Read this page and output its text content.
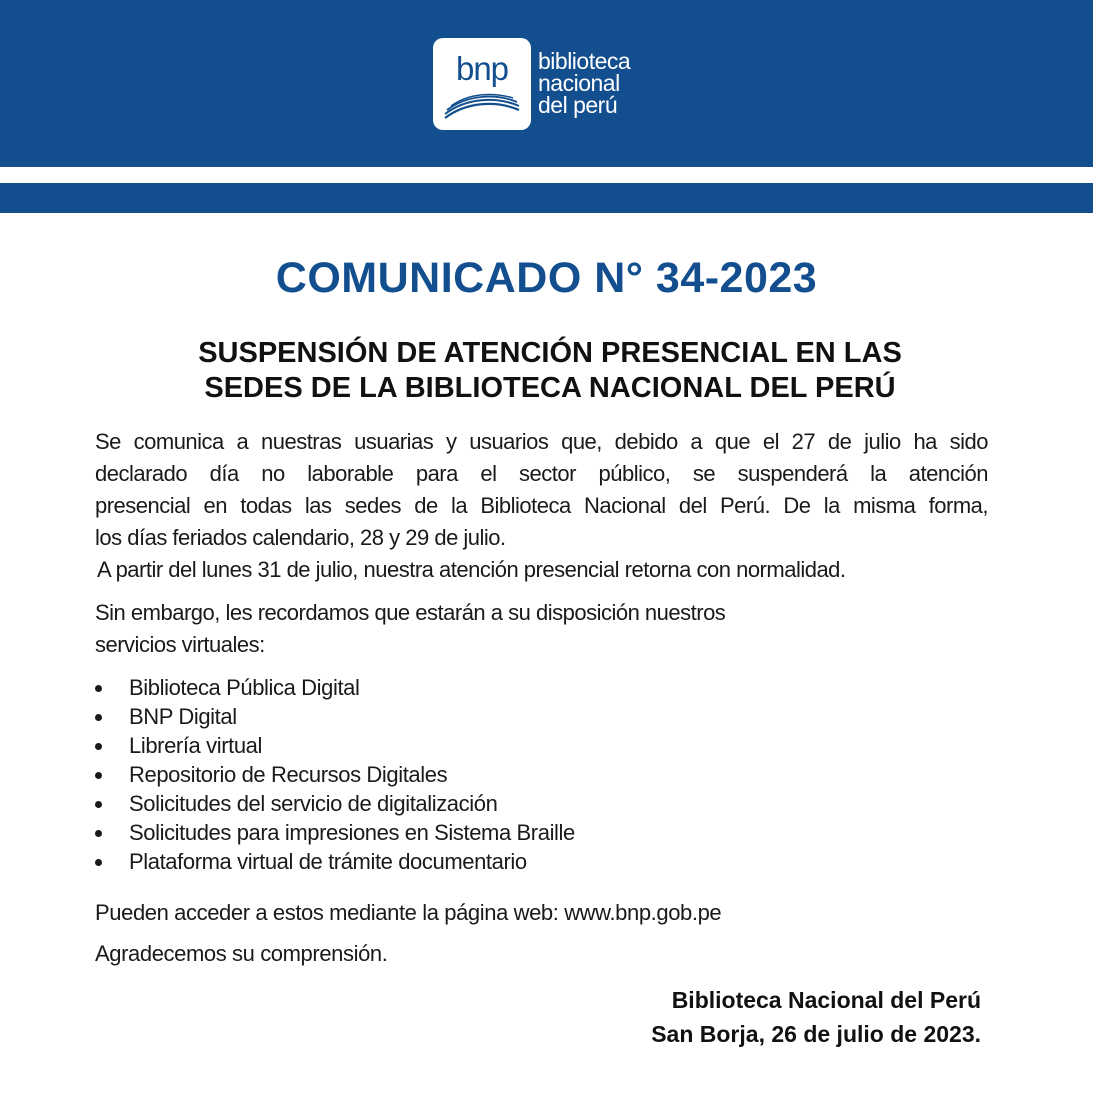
bnp	biblioteca
nacional
del perú
COMUNICADO N° 34-2023
SUSPENSIÓN DE ATENCIÓN PRESENCIAL EN LAS
SEDES DE LA BIBLIOTECA NACIONAL DEL PERÚ
Se comunica a nuestras usuarias y usuarios que, debido a que el 27 de julio ha sido
declarado día no laborable para el sector público, se suspenderá la atención
presencial en todas las sedes de la Biblioteca Nacional del Perú. De la misma forma,
los días feriados calendario, 28 y 29 de julio.
A partir del lunes 31 de julio, nuestra atención presencial retorna con normalidad.
Sin embargo, les recordamos que estarán a su disposición nuestros
servicios virtuales:
Biblioteca Pública Digital
BNP Digital
Librería virtual
Repositorio de Recursos Digitales
Solicitudes del servicio de digitalización
Solicitudes para impresiones en Sistema Braille
Plataforma virtual de trámite documentario
Pueden acceder a estos mediante la página web: www.bnp.gob.pe
Agradecemos su comprensión.
Biblioteca Nacional del Perú
San Borja, 26 de julio de 2023.
